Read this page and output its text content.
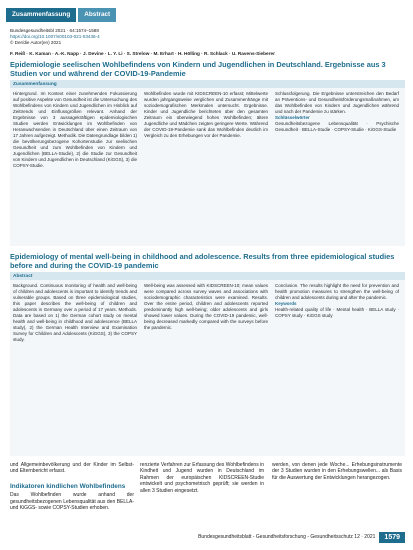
Zusammenfassung	Abstract
Bundesgesundheitsbl 2021 · 64:1574–1588
https://doi.org/10.1007/s00103-021-03436-4
© Der/die Autor(en) 2021
F. Reiß · K. Kaman · A.-K. Napp · J. Devine · L. Y. Li · S. Strelow · M. Erhart · H. Hölling · R. Schlack · U. Ravens-Sieberer
Epidemiologie seelischen Wohlbefindens von Kindern und Jugendlichen in Deutschland. Ergebnisse aus 3 Studien vor und während der COVID-19-Pandemie
Zusammenfassung
Hintergrund. Im Kontext einer zunehmenden Fokussierung auf positive Aspekte von Gesundheit ist die Untersuchung des Wohlbefindens von Kindern und Jugendlichen im Hinblick auf Zeittrends und Einflussgrößen relevant. Anhand der Ergebnisse von 3 aussagekräftigen epidemiologischen Studien werden Entwicklungen im Wohlbefinden von Heranwachsenden in Deutschland über einen Zeitraum von 17 Jahren aufgezeigt. Methodik. Die Datengrundlage bilden 1) die bevölkerungsbezogene Kohortenstudie zur seelischen Gesundheit und zum Wohlbefinden von Kindern und Jugendlichen (BELLA-Studie), 2) die Studie zur Gesundheit von Kindern und Jugendlichen in Deutschland (KiGGS), 3) die COPSY-Studie.
Wohlbefinden wurde mit KIDSCREEN-10 erfasst; Mittelwerte wurden jahrgangsweise verglichen und Zusammenhänge mit soziodemografischen Merkmalen untersucht. Ergebnisse. Kinder und Jugendliche berichteten über den gesamten Zeitraum ein überwiegend hohes Wohlbefinden; ältere Jugendliche und Mädchen zeigten geringere Werte. Während der COVID-19-Pandemie sank das Wohlbefinden deutlich im Vergleich zu den Erhebungen vor der Pandemie.
Schlussfolgerung. Die Ergebnisse unterstreichen den Bedarf an Präventions- und Gesundheitsförderungsmaßnahmen, um das Wohlbefinden von Kindern und Jugendlichen während und nach der Pandemie zu stärken.
Schlüsselwörter
Gesundheitsbezogene Lebensqualität · Psychische Gesundheit · BELLA-Studie · COPSY-Studie · KiGGS-Studie
Epidemiology of mental well-being in childhood and adolescence. Results from three epidemiological studies before and during the COVID-19 pandemic
Abstract
Background. Continuous monitoring of health and well-being of children and adolescents is important to identify trends and vulnerable groups. Based on three epidemiological studies, this paper describes the well-being of children and adolescents in Germany over a period of 17 years. Methods. Data are based on 1) the German cohort study on mental health and well-being in childhood and adolescence (BELLA study), 2) the German Health Interview and Examination Survey for Children and Adolescents (KiGGS), 3) the COPSY study.
Well-being was assessed with KIDSCREEN-10; mean values were compared across survey waves and associations with sociodemographic characteristics were examined. Results. Over the entire period, children and adolescents reported predominantly high well-being; older adolescents and girls showed lower values. During the COVID-19 pandemic, well-being decreased markedly compared with the surveys before the pandemic.
Conclusion. The results highlight the need for prevention and health promotion measures to strengthen the well-being of children and adolescents during and after the pandemic.
Keywords
Health-related quality of life · Mental health · BELLA study · COPSY study · KiGGS study
und Allgemeinbevölkerung und der Kinder im Selbst- und Elternbericht erfasst.
Indikatoren kindlichen Wohlbefindens
Das Wohlbefinden wurde anhand der gesundheitsbezogenen Lebensqualität aus den BELLA- und KiGGS- sowie COPSY-Studien erhoben.
renzierte Verfahren zur Erfassung des Wohlbefindens in Kindheit und Jugend wurden in Deutschland im Rahmen der europäischen KIDSCREEN-Studie entwickelt und psychometrisch geprüft; sie werden in allen 3 Studien eingesetzt.
werden, von denen jede Woche... Erhebungsinstrumente der 3 Studien wurden in den Erhebungswellen... als Basis für die Auswertung der Entwicklungen herangezogen.
Bundesgesundheitsblatt - Gesundheitsforschung - Gesundheitsschutz 12 · 2021	1579
